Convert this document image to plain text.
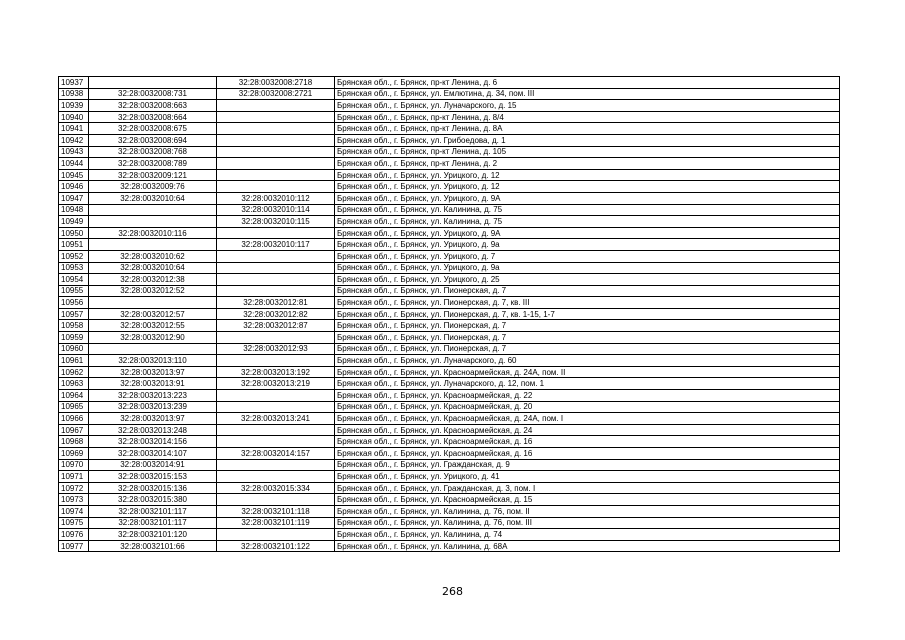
10937		32:28:0032008:2718	Брянская обл., г. Брянск, пр-кт Ленина, д. 6
10938	32:28:0032008:731	32:28:0032008:2721	Брянская обл., г. Брянск, ул. Емлютина, д. 34, пом. III
10939	32:28:0032008:663		Брянская обл., г. Брянск, ул. Луначарского, д. 15
10940	32:28:0032008:664		Брянская обл., г. Брянск, пр-кт Ленина, д. 8/4
10941	32:28:0032008:675		Брянская обл., г. Брянск, пр-кт Ленина, д. 8А
10942	32:28:0032008:694		Брянская обл., г. Брянск, ул. Грибоедова, д. 1
10943	32:28:0032008:768		Брянская обл., г. Брянск, пр-кт Ленина, д. 105
10944	32:28:0032008:789		Брянская обл., г. Брянск, пр-кт Ленина, д. 2
10945	32:28:0032009:121		Брянская обл., г. Брянск, ул. Урицкого, д. 12
10946	32:28:0032009:76		Брянская обл., г. Брянск, ул. Урицкого, д. 12
10947	32:28:0032010:64	32:28:0032010:112	Брянская обл., г. Брянск, ул. Урицкого, д. 9А
10948		32:28:0032010:114	Брянская обл., г. Брянск, ул. Калинина, д. 75
10949		32:28:0032010:115	Брянская обл., г. Брянск, ул. Калинина, д. 75
10950	32:28:0032010:116		Брянская обл., г. Брянск, ул. Урицкого, д. 9А
10951		32:28:0032010:117	Брянская обл., г. Брянск, ул. Урицкого, д. 9а
10952	32:28:0032010:62		Брянская обл., г. Брянск, ул. Урицкого, д. 7
10953	32:28:0032010:64		Брянская обл., г. Брянск, ул. Урицкого, д. 9а
10954	32:28:0032012:38		Брянская обл., г. Брянск, ул. Урицкого, д. 25
10955	32:28:0032012:52		Брянская обл., г. Брянск, ул. Пионерская, д. 7
10956		32:28:0032012:81	Брянская обл., г. Брянск, ул. Пионерская, д. 7, кв. III
10957	32:28:0032012:57	32:28:0032012:82	Брянская обл., г. Брянск, ул. Пионерская, д. 7, кв. 1-15, 1-7
10958	32:28:0032012:55	32:28:0032012:87	Брянская обл., г. Брянск, ул. Пионерская, д. 7
10959	32:28:0032012:90		Брянская обл., г. Брянск, ул. Пионерская, д. 7
10960		32:28:0032012:93	Брянская обл., г. Брянск, ул. Пионерская, д. 7
10961	32:28:0032013:110		Брянская обл., г. Брянск, ул. Луначарского, д. 60
10962	32:28:0032013:97	32:28:0032013:192	Брянская обл., г. Брянск, ул. Красноармейская, д. 24А, пом. II
10963	32:28:0032013:91	32:28:0032013:219	Брянская обл., г. Брянск, ул. Луначарского, д. 12, пом. 1
10964	32:28:0032013:223		Брянская обл., г. Брянск, ул. Красноармейская, д. 22
10965	32:28:0032013:239		Брянская обл., г. Брянск, ул. Красноармейская, д. 20
10966	32:28:0032013:97	32:28:0032013:241	Брянская обл., г. Брянск, ул. Красноармейская, д. 24А, пом. I
10967	32:28:0032013:248		Брянская обл., г. Брянск, ул. Красноармейская, д. 24
10968	32:28:0032014:156		Брянская обл., г. Брянск, ул. Красноармейская, д. 16
10969	32:28:0032014:107	32:28:0032014:157	Брянская обл., г. Брянск, ул. Красноармейская, д. 16
10970	32:28:0032014:91		Брянская обл., г. Брянск, ул. Гражданская, д. 9
10971	32:28:0032015:153		Брянская обл., г. Брянск, ул. Урицкого, д. 41
10972	32:28:0032015:136	32:28:0032015:334	Брянская обл., г. Брянск, ул. Гражданская, д. 3, пом. I
10973	32:28:0032015:380		Брянская обл., г. Брянск, ул. Красноармейская, д. 15
10974	32:28:0032101:117	32:28:0032101:118	Брянская обл., г. Брянск, ул. Калинина, д. 76, пом. II
10975	32:28:0032101:117	32:28:0032101:119	Брянская обл., г. Брянск, ул. Калинина, д. 76, пом. III
10976	32:28:0032101:120		Брянская обл., г. Брянск, ул. Калинина, д. 74
10977	32:28:0032101:66	32:28:0032101:122	Брянская обл., г. Брянск, ул. Калинина, д. 68А
268
